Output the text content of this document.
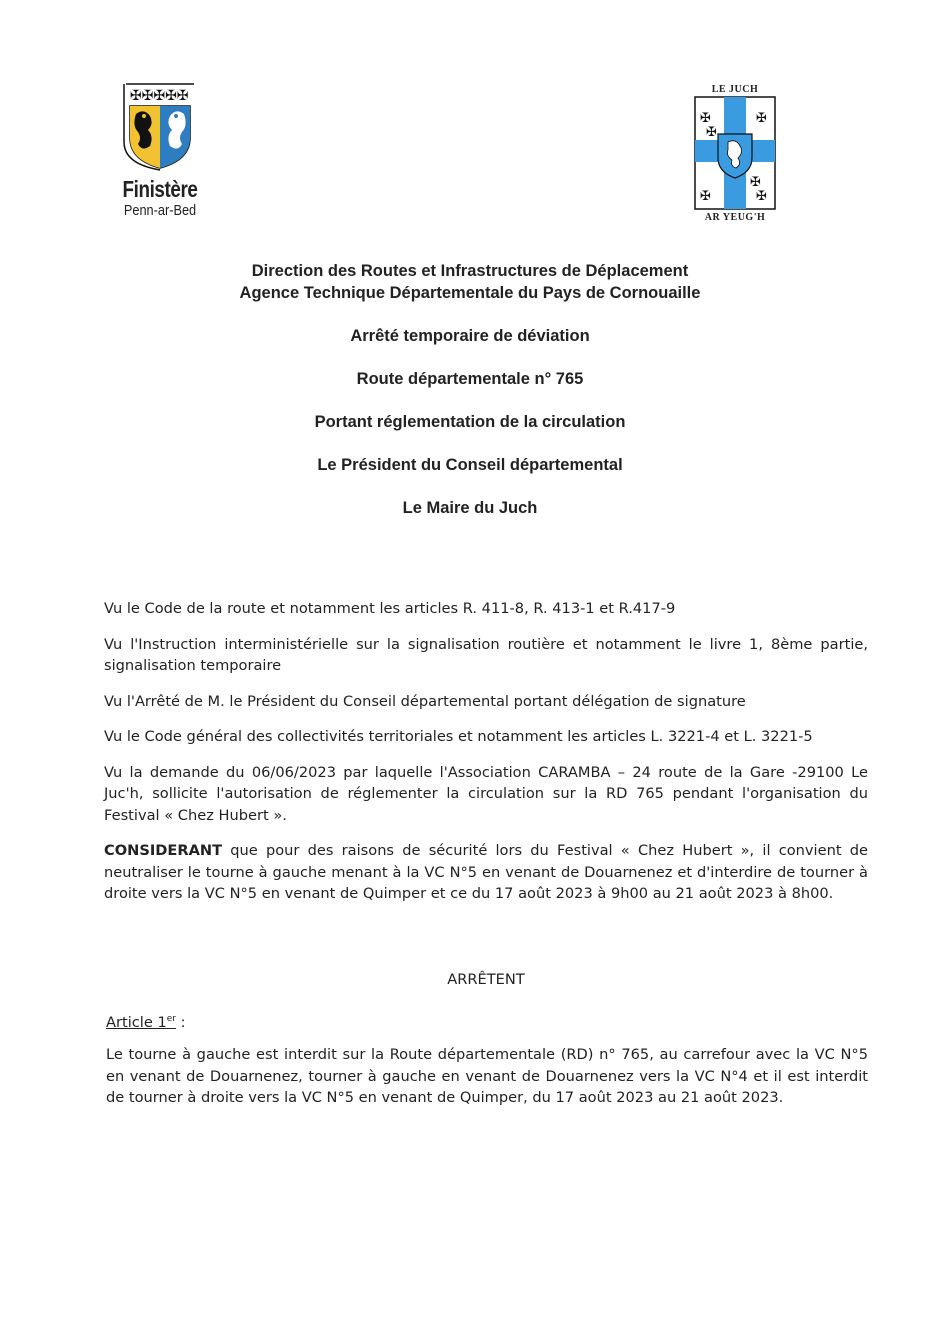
✠✠✠✠✠
Finistère
Penn-ar-Bed
LE JUCH
✠	✠
✠	✠
✠
✠
AR YEUG'H
Direction des Routes et Infrastructures de Déplacement
Agence Technique Départementale du Pays de Cornouaille
Arrêté temporaire de déviation
Route départementale n° 765
Portant réglementation de la circulation
Le Président du Conseil départemental
Le Maire du Juch

Vu le Code de la route et notamment les articles R. 411-8, R. 413-1 et R.417-9

Vu l'Instruction interministérielle sur la signalisation routière et notamment le livre 1, 8ème partie, signalisation temporaire

Vu l'Arrêté de M. le Président du Conseil départemental portant délégation de signature

Vu le Code général des collectivités territoriales et notamment les articles L. 3221-4 et L. 3221-5

Vu la demande du 06/06/2023 par laquelle l'Association CARAMBA – 24 route de la Gare -29100 Le Juc'h, sollicite l'autorisation de réglementer la circulation sur la RD 765 pendant l'organisation du Festival « Chez Hubert ».

CONSIDERANT que pour des raisons de sécurité lors du Festival « Chez Hubert », il convient de neutraliser le tourne à gauche menant à la VC N°5 en venant de Douarnenez et d'interdire de tourner à droite vers la VC N°5 en venant de Quimper et ce du 17 août 2023 à 9h00 au 21 août 2023 à 8h00.

ARRÊTENT
Article 1er :
Le tourne à gauche est interdit sur la Route départementale (RD) n° 765, au carrefour avec la VC N°5 en venant de Douarnenez, tourner à gauche en venant de Douarnenez vers la VC N°4 et il est interdit de tourner à droite vers la VC N°5 en venant de Quimper, du 17 août 2023 au 21 août 2023.
